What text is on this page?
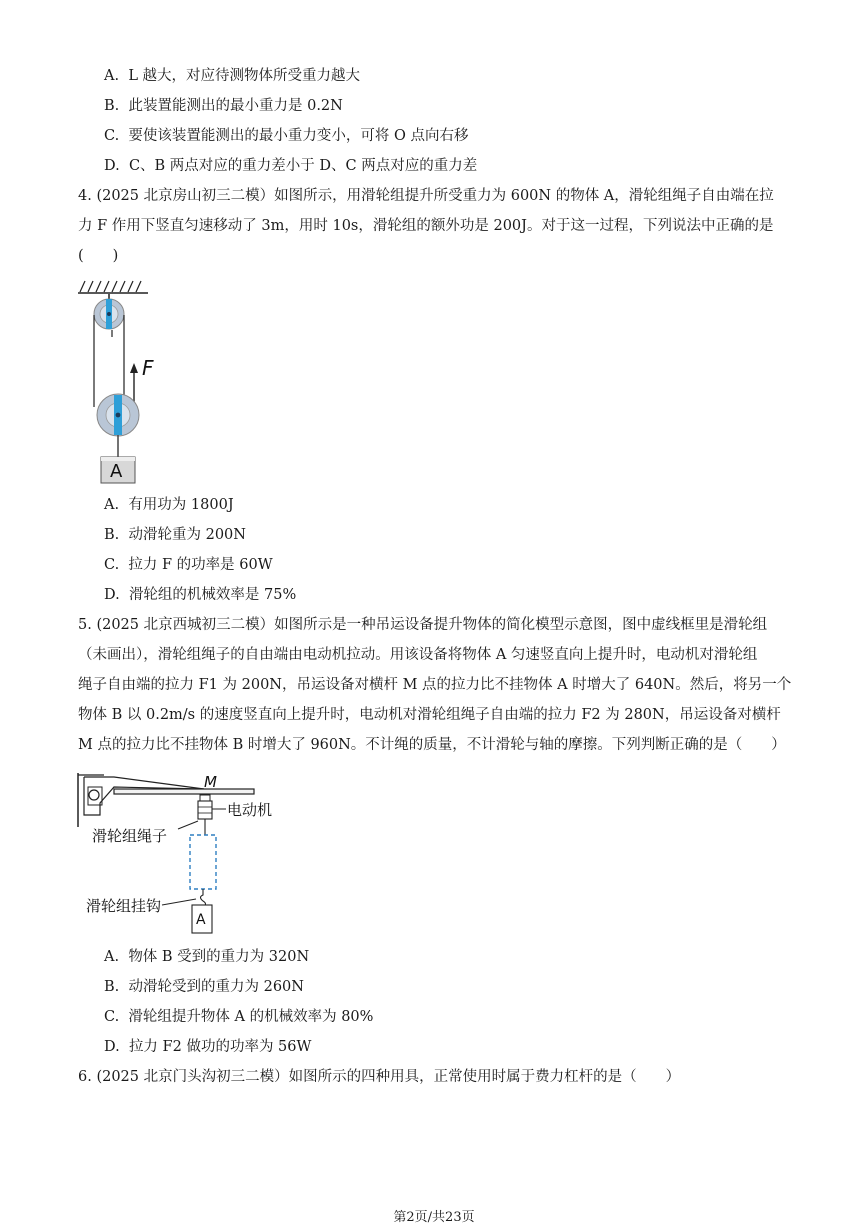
A. L 越大，对应待测物体所受重力越大
B. 此装置能测出的最小重力是 0.2N
C. 要使该装置能测出的最小重力变小，可将 O 点向右移
D. C、B 两点对应的重力差小于 D、C 两点对应的重力差
4. (2025 北京房山初三二模）如图所示，用滑轮组提升所受重力为 600N 的物体 A，滑轮组绳子自由端在拉
力 F 作用下竖直匀速移动了 3m，用时 10s，滑轮组的额外功是 200J。对于这一过程，下列说法中正确的是
(　　)
F
A
A. 有用功为 1800J
B. 动滑轮重为 200N
C. 拉力 F 的功率是 60W
D. 滑轮组的机械效率是 75%
5. (2025 北京西城初三二模）如图所示是一种吊运设备提升物体的简化模型示意图，图中虚线框里是滑轮组
（未画出），滑轮组绳子的自由端由电动机拉动。用该设备将物体 A 匀速竖直向上提升时，电动机对滑轮组
绳子自由端的拉力 F1 为 200N，吊运设备对横杆 M 点的拉力比不挂物体 A 时增大了 640N。然后，将另一个
物体 B 以 0.2m/s 的速度竖直向上提升时，电动机对滑轮组绳子自由端的拉力 F2 为 280N，吊运设备对横杆
M 点的拉力比不挂物体 B 时增大了 960N。不计绳的质量，不计滑轮与轴的摩擦。下列判断正确的是（　　）
M
电动机
滑轮组绳子
滑轮组挂钩
A
A. 物体 B 受到的重力为 320N
B. 动滑轮受到的重力为 260N
C. 滑轮组提升物体 A 的机械效率为 80%
D. 拉力 F2 做功的功率为 56W
6. (2025 北京门头沟初三二模）如图所示的四种用具，正常使用时属于费力杠杆的是（　　）
第2页/共23页
